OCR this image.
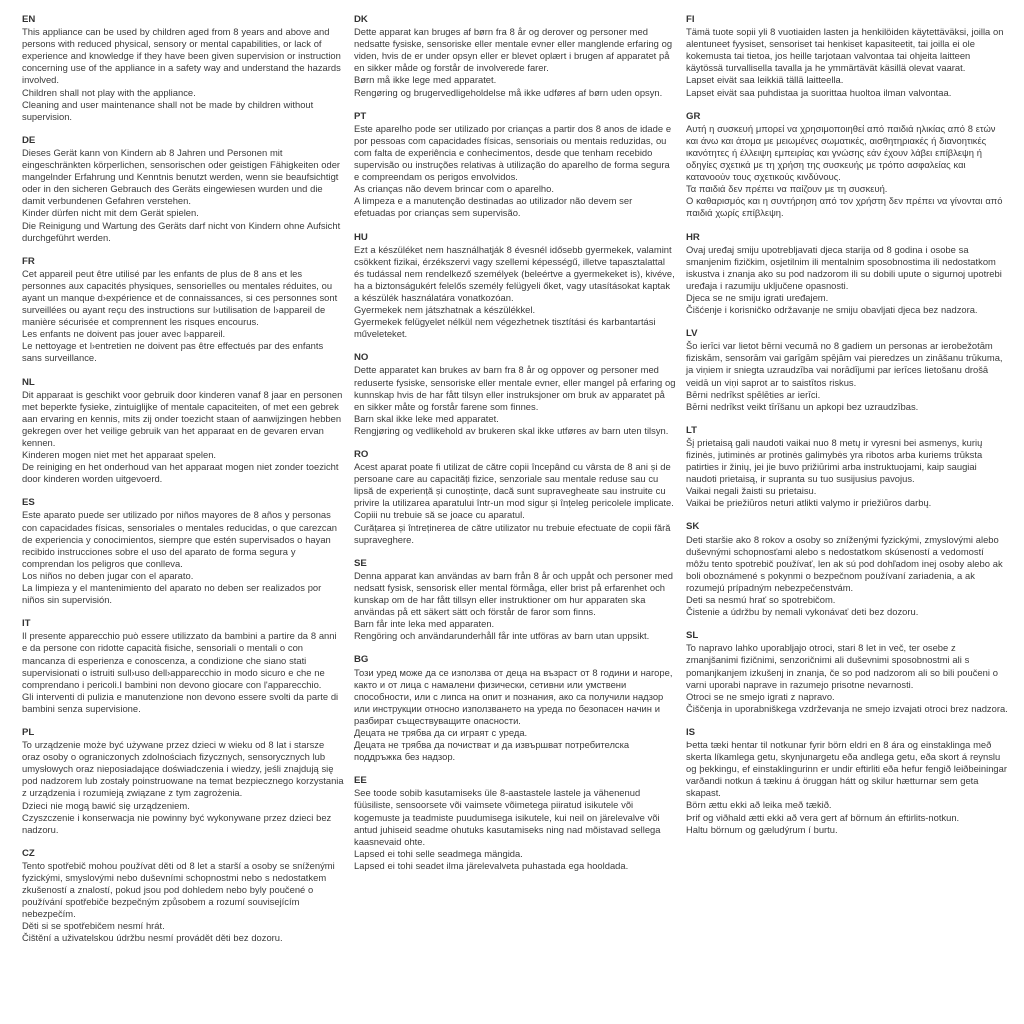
EN

This appliance can be used by children aged from 8 years and above and persons with reduced physical, sensory or mental capabilities, or lack of experience and knowledge if they have been given supervision or instruction concerning use of the appliance in a safety way and understand the hazards involved.

Children shall not play with the appliance.

Cleaning and user maintenance shall not be made by children without supervision.

DE

Dieses Gerät kann von Kindern ab 8 Jahren und Personen mit eingeschränkten körperlichen, sensorischen oder geistigen Fähigkeiten oder mangelnder Erfahrung und Kenntnis benutzt werden, wenn sie beaufsichtigt oder in den sicheren Gebrauch des Geräts eingewiesen wurden und die damit verbundenen Gefahren verstehen.

Kinder dürfen nicht mit dem Gerät spielen.

Die Reinigung und Wartung des Geräts darf nicht von Kindern ohne Aufsicht durchgeführt werden.

FR

Cet appareil peut être utilisé par les enfants de plus de 8 ans et les personnes aux capacités physiques, sensorielles ou mentales réduites, ou ayant un manque d›expérience et de connaissances, si ces personnes sont surveillées ou ayant reçu des instructions sur l›utilisation de l›appareil de manière sécurisée et comprennent les risques encourus.

Les enfants ne doivent pas jouer avec l›appareil.

Le nettoyage et l›entretien ne doivent pas être effectués par des enfants sans surveillance.

NL

Dit apparaat is geschikt voor gebruik door kinderen vanaf 8 jaar en personen met beperkte fysieke, zintuiglijke of mentale capaciteiten, of met een gebrek aan ervaring en kennis, mits zij onder toezicht staan of aanwijzingen hebben gekregen over het veilige gebruik van het apparaat en de gevaren ervan kennen.

Kinderen mogen niet met het apparaat spelen.

De reiniging en het onderhoud van het apparaat mogen niet zonder toezicht door kinderen worden uitgevoerd.

ES

Este aparato puede ser utilizado por niños mayores de 8 años y personas con capacidades físicas, sensoriales o mentales reducidas, o que carezcan de experiencia y conocimientos, siempre que estén supervisados o hayan recibido instrucciones sobre el uso del aparato de forma segura y comprendan los peligros que conlleva.

Los niños no deben jugar con el aparato.

La limpieza y el mantenimiento del aparato no deben ser realizados por niños sin supervisión.

IT

Il presente apparecchio può essere utilizzato da bambini a partire da 8 anni e da persone con ridotte capacità fisiche, sensoriali o mentali o con mancanza di esperienza e conoscenza, a condizione che siano stati supervisionati o istruiti sull›uso dell›apparecchio in modo sicuro e che ne comprendano i pericoli.I bambini non devono giocare con l'apparecchio.

Gli interventi di pulizia e manutenzione non devono essere svolti da parte di bambini senza supervisione.

PL

To urządzenie może być używane przez dzieci w wieku od 8 lat i starsze oraz osoby o ograniczonych zdolnościach fizycznych, sensorycznych lub umysłowych oraz nieposiadające doświadczenia i wiedzy, jeśli znajdują się pod nadzorem lub zostały poinstruowane na temat bezpiecznego korzystania z urządzenia i rozumieją związane z tym zagrożenia.

Dzieci nie mogą bawić się urządzeniem.

Czyszczenie i konserwacja nie powinny być wykonywane przez dzieci bez nadzoru.

CZ

Tento spotřebič mohou používat děti od 8 let a starší a osoby se sníženými fyzickými, smyslovými nebo duševními schopnostmi nebo s nedostatkem zkušeností a znalostí, pokud jsou pod dohledem nebo byly poučené o používání spotřebiče bezpečným způsobem a rozumí souvisejícím nebezpečím.

Děti si se spotřebičem nesmí hrát.

Čištění a uživatelskou údržbu nesmí provádět děti bez dozoru.

DK

Dette apparat kan bruges af børn fra 8 år og derover og personer med nedsatte fysiske, sensoriske eller mentale evner eller manglende erfaring og viden, hvis de er under opsyn eller er blevet oplært i brugen af apparatet på en sikker måde og forstår de involverede farer.

Børn må ikke lege med apparatet.

Rengøring og brugervedligeholdelse må ikke udføres af børn uden opsyn.

PT

Este aparelho pode ser utilizado por crianças a partir dos 8 anos de idade e por pessoas com capacidades físicas, sensoriais ou mentais reduzidas, ou com falta de experiência e conhecimentos, desde que tenham recebido supervisão ou instruções relativas à utilização do aparelho de forma segura e compreendam os perigos envolvidos.

As crianças não devem brincar com o aparelho.

A limpeza e a manutenção destinadas ao utilizador não devem ser efetuadas por crianças sem supervisão.

HU

Ezt a készüléket nem használhatják 8 évesnél idősebb gyermekek, valamint csökkent fizikai, érzékszervi vagy szellemi képességű, illetve tapasztalattal és tudással nem rendelkező személyek (beleértve a gyermekeket is), kivéve, ha a biztonságukért felelős személy felügyeli őket, vagy utasításokat kaptak a készülék használatára vonatkozóan.

Gyermekek nem játszhatnak a készülékkel.

Gyermekek felügyelet nélkül nem végezhetnek tisztítási és karbantartási műveleteket.

NO

Dette apparatet kan brukes av barn fra 8 år og oppover og personer med reduserte fysiske, sensoriske eller mentale evner, eller mangel på erfaring og kunnskap hvis de har fått tilsyn eller instruksjoner om bruk av apparatet på en sikker måte og forstår farene som finnes.

Barn skal ikke leke med apparatet.

Rengjøring og vedlikehold av brukeren skal ikke utføres av barn uten tilsyn.

RO

Acest aparat poate fi utilizat de către copii începând cu vârsta de 8 ani și de persoane care au capacități fizice, senzoriale sau mentale reduse sau cu lipsă de experiență și cunoștințe, dacă sunt supravegheate sau instruite cu privire la utilizarea aparatului într-un mod sigur și înțeleg pericolele implicate.

Copiii nu trebuie să se joace cu aparatul.

Curățarea și întreținerea de către utilizator nu trebuie efectuate de copii fără supraveghere.

SE

Denna apparat kan användas av barn från 8 år och uppåt och personer med nedsatt fysisk, sensorisk eller mental förmåga, eller brist på erfarenhet och kunskap om de har fått tillsyn eller instruktioner om hur apparaten ska användas på ett säkert sätt och förstår de faror som finns.

Barn får inte leka med apparaten.

Rengöring och användarunderhåll får inte utföras av barn utan uppsikt.

BG

Този уред може да се използва от деца на възраст от 8 години и нагоре, както и от лица с намалени физически, сетивни или умствени способности, или с липса на опит и познания, ако са получили надзор или инструкции относно използването на уреда по безопасен начин и разбират съществуващите опасности.

Децата не трябва да си играят с уреда.

Децата не трябва да почистват и да извършват потребителска поддръжка без надзор.

EE

See toode sobib kasutamiseks üle 8-aastastele lastele ja vähenenud füüsiliste, sensoorsete või vaimsete võimetega piiratud isikutele või kogemuste ja teadmiste puudumisega isikutele, kui neil on järelevalve või antud juhiseid seadme ohutuks kasutamiseks ning nad mõistavad sellega kaasnevaid ohte.

Lapsed ei tohi selle seadmega mängida.

Lapsed ei tohi seadet ilma järelevalveta puhastada ega hooldada.

FI

Tämä tuote sopii yli 8 vuotiaiden lasten ja henkilöiden käytettäväksi, joilla on alentuneet fyysiset, sensoriset tai henkiset kapasiteetit, tai joilla ei ole kokemusta tai tietoa, jos heille tarjotaan valvontaa tai ohjeita laitteen käytössä turvallisella tavalla ja he ymmärtävät käsillä olevat vaarat.

Lapset eivät saa leikkiä tällä laitteella.

Lapset eivät saa puhdistaa ja suorittaa huoltoa ilman valvontaa.

GR

Αυτή η συσκευή μπορεί να χρησιμοποιηθεί από παιδιά ηλικίας από 8 ετών και άνω και άτομα με μειωμένες σωματικές, αισθητηριακές ή διανοητικές ικανότητες ή έλλειψη εμπειρίας και γνώσης εάν έχουν λάβει επίβλεψη ή οδηγίες σχετικά με τη χρήση της συσκευής με τρόπο ασφαλείας και κατανοούν τους σχετικούς κινδύνους.

Τα παιδιά δεν πρέπει να παίζουν με τη συσκευή.

Ο καθαρισμός και η συντήρηση από τον χρήστη δεν πρέπει να γίνονται από παιδιά χωρίς επίβλεψη.

HR

Ovaj uređaj smiju upotrebljavati djeca starija od 8 godina i osobe sa smanjenim fizičkim, osjetilnim ili mentalnim sposobnostima ili nedostatkom iskustva i znanja ako su pod nadzorom ili su dobili upute o sigurnoj upotrebi uređaja i razumiju uključene opasnosti.

Djeca se ne smiju igrati uređajem.

Čišćenje i korisničko održavanje ne smiju obavljati djeca bez nadzora.

LV

Šo ierīci var lietot bērni vecumā no 8 gadiem un personas ar ierobežotām fiziskām, sensorām vai garīgām spējām vai pieredzes un zināšanu trūkuma, ja viņiem ir sniegta uzraudzība vai norādījumi par ierīces lietošanu drošā veidā un viņi saprot ar to saistītos riskus.

Bērni nedrīkst spēlēties ar ierīci.

Bērni nedrīkst veikt tīrīšanu un apkopi bez uzraudzības.

LT

Šį prietaisą gali naudoti vaikai nuo 8 metų ir vyresni bei asmenys, kurių fizinės, jutiminės ar protinės galimybės yra ribotos arba kuriems trūksta patirties ir žinių, jei jie buvo prižiūrimi arba instruktuojami, kaip saugiai naudoti prietaisą, ir supranta su tuo susijusius pavojus.

Vaikai negali žaisti su prietaisu.

Vaikai be priežiūros neturi atlikti valymo ir priežiūros darbų.

SK

Deti staršie ako 8 rokov a osoby so zníženými fyzickými, zmyslovými alebo duševnými schopnosťami alebo s nedostatkom skúseností a vedomostí môžu tento spotrebič používať, len ak sú pod dohľadom inej osoby alebo ak boli oboznámené s pokynmi o bezpečnom používaní zariadenia, a ak rozumejú prípadným nebezpečenstvám.

Deti sa nesmú hrať so spotrebičom.

Čistenie a údržbu by nemali vykonávať deti bez dozoru.

SL

To napravo lahko uporabljajo otroci, stari 8 let in več, ter osebe z zmanjšanimi fizičnimi, senzoričnimi ali duševnimi sposobnostmi ali s pomanjkanjem izkušenj in znanja, če so pod nadzorom ali so bili poučeni o varni uporabi naprave in razumejo prisotne nevarnosti.

Otroci se ne smejo igrati z napravo.

Čiščenja in uporabniškega vzdrževanja ne smejo izvajati otroci brez nadzora.

IS

Þetta tæki hentar til notkunar fyrir börn eldri en 8 ára og einstaklinga með skerta líkamlega getu, skynjunargetu eða andlega getu, eða skort á reynslu og þekkingu, ef einstaklingurinn er undir eftirliti eða hefur fengið leiðbeiningar varðandi notkun á tækinu á öruggan hátt og skilur hætturnar sem geta skapast.

Börn ættu ekki að leika með tækið.

Þrif og viðhald ætti ekki að vera gert af börnum án eftirlits-notkun.

Haltu börnum og gæludýrum í burtu.
